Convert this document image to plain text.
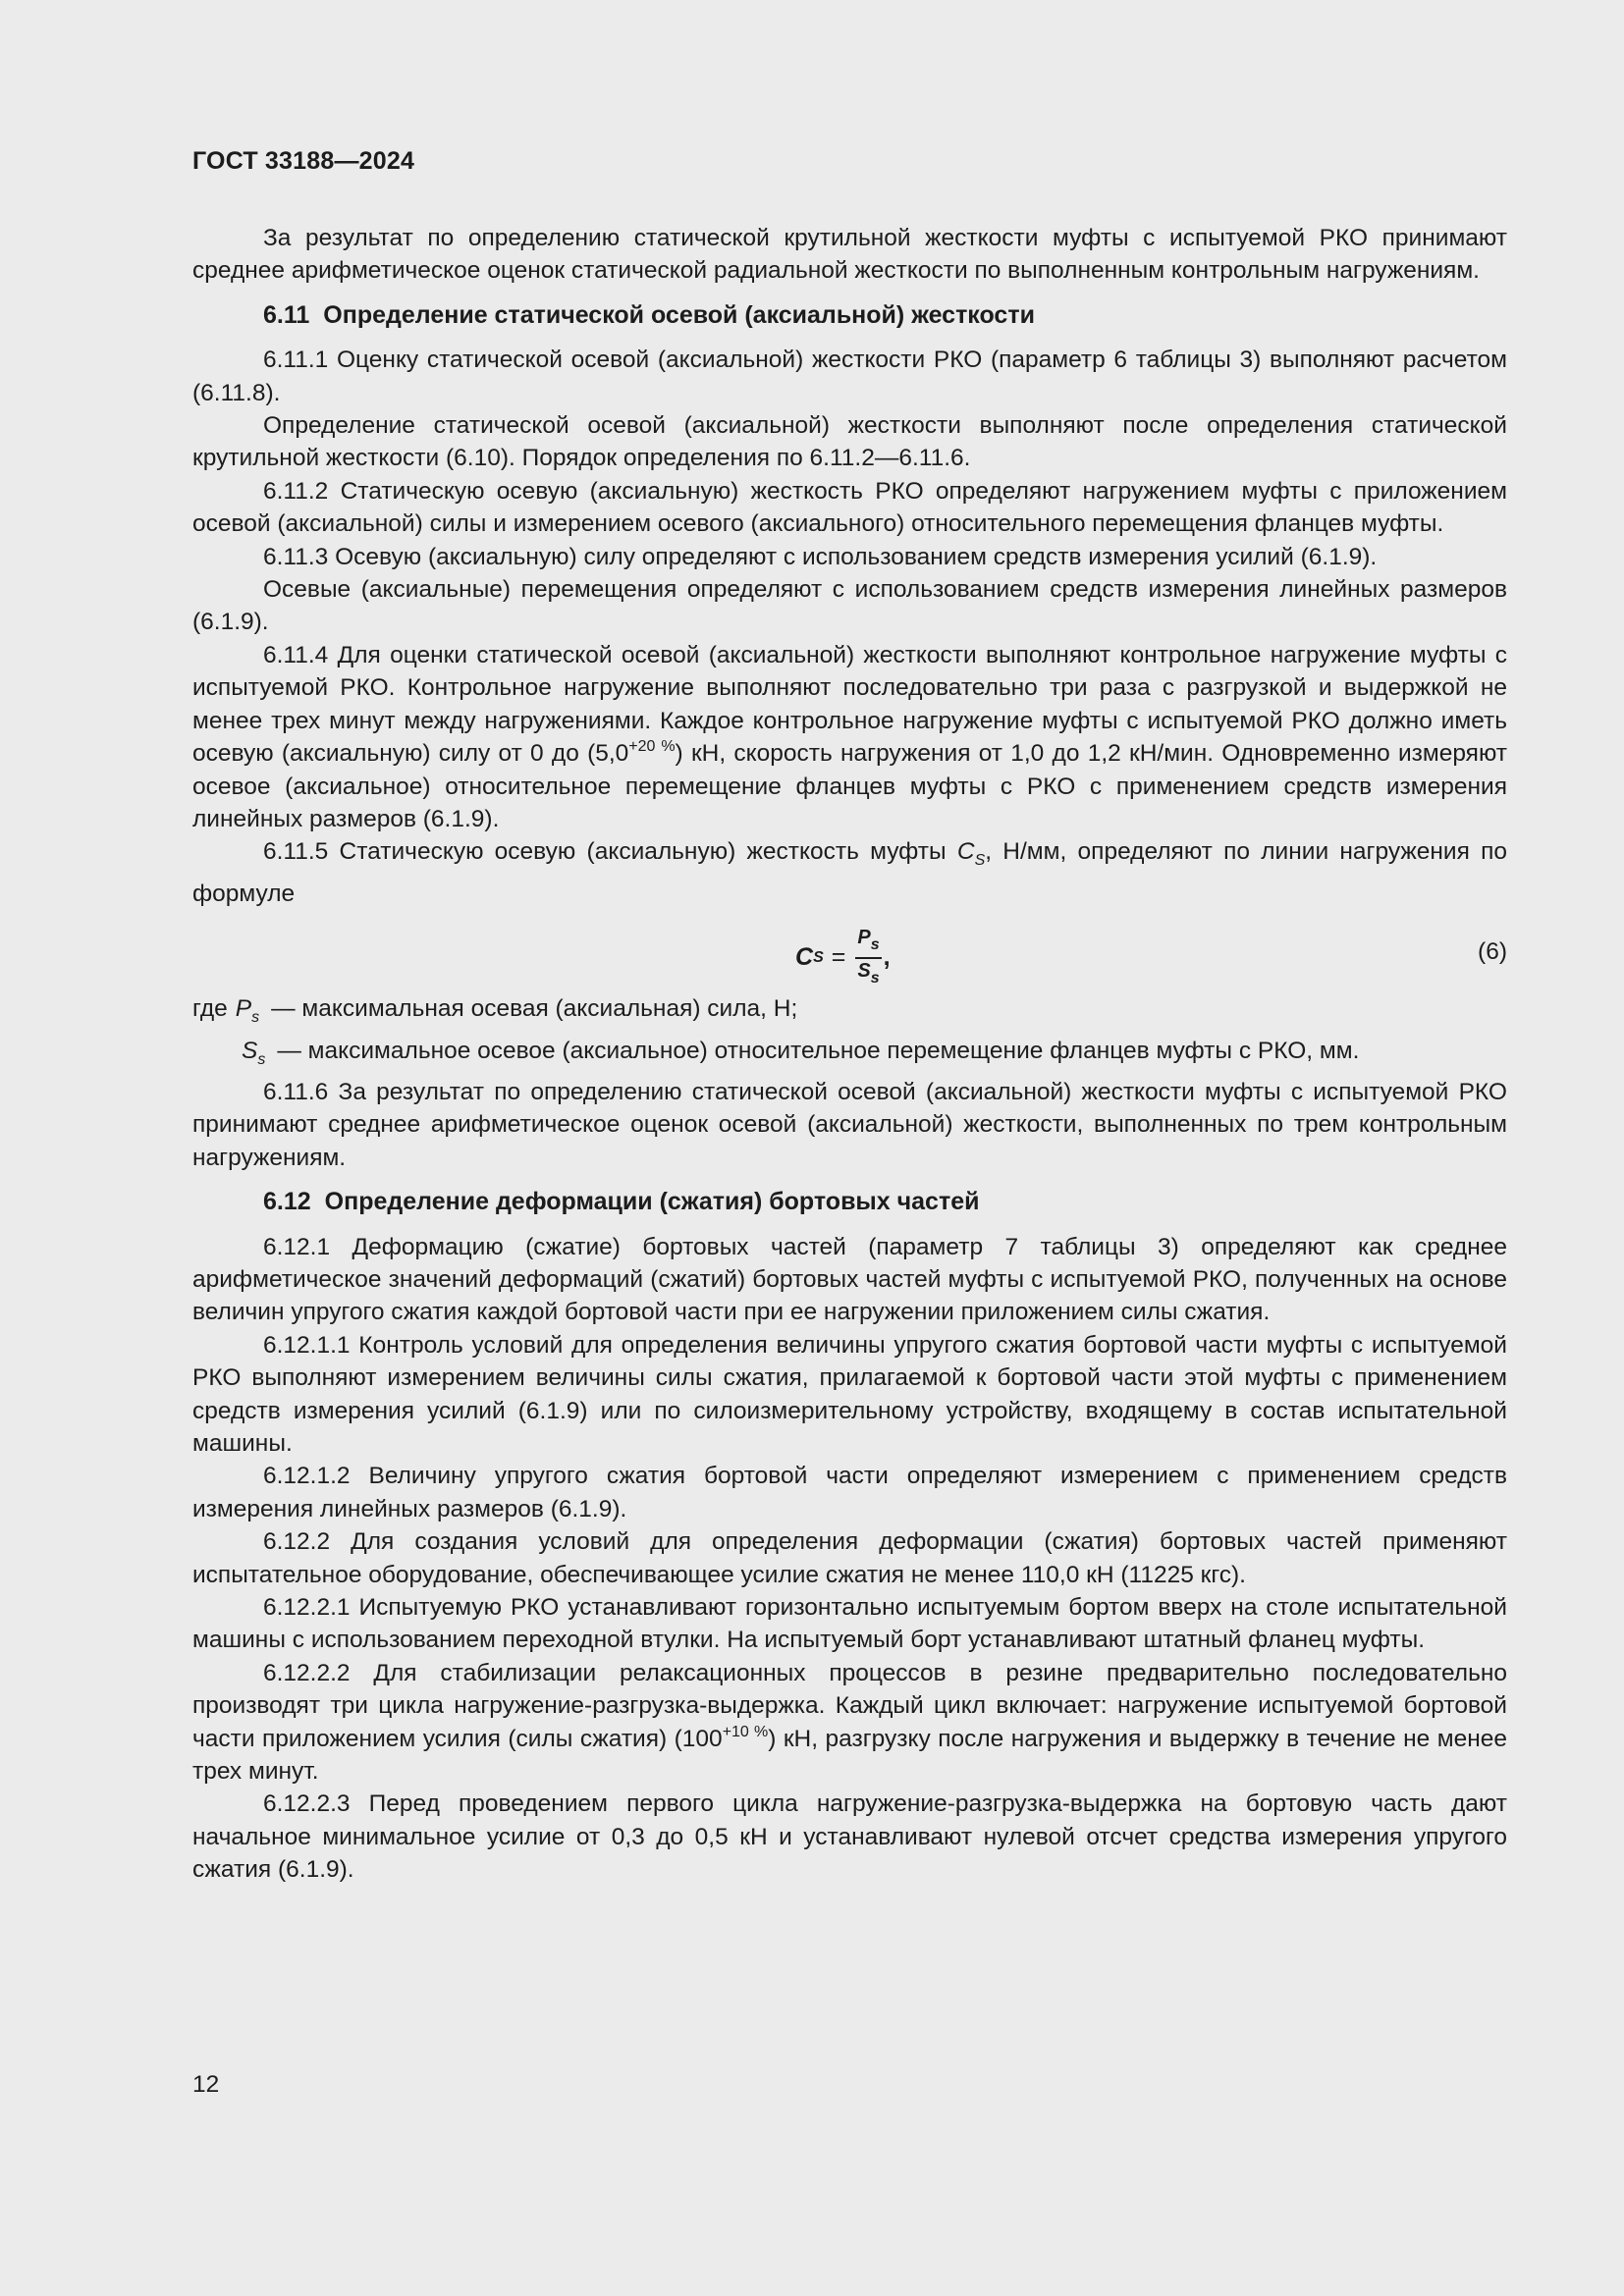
ГОСТ 33188—2024

За результат по определению статической крутильной жесткости муфты с испытуемой РКО принимают среднее арифметическое оценок статической радиальной жесткости по выполненным контрольным нагружениям.

6.11 Определение статической осевой (аксиальной) жесткости

6.11.1 Оценку статической осевой (аксиальной) жесткости РКО (параметр 6 таблицы 3) выполняют расчетом (6.11.8).

Определение статической осевой (аксиальной) жесткости выполняют после определения статической крутильной жесткости (6.10). Порядок определения по 6.11.2—6.11.6.

6.11.2 Статическую осевую (аксиальную) жесткость РКО определяют нагружением муфты с приложением осевой (аксиальной) силы и измерением осевого (аксиального) относительного перемещения фланцев муфты.

6.11.3 Осевую (аксиальную) силу определяют с использованием средств измерения усилий (6.1.9).

Осевые (аксиальные) перемещения определяют с использованием средств измерения линейных размеров (6.1.9).

6.11.4 Для оценки статической осевой (аксиальной) жесткости выполняют контрольное нагружение муфты с испытуемой РКО. Контрольное нагружение выполняют последовательно три раза с разгрузкой и выдержкой не менее трех минут между нагружениями. Каждое контрольное нагружение муфты с испытуемой РКО должно иметь осевую (аксиальную) силу от 0 до $(5,0^{+20 \%})$ кН, скорость нагружения от 1,0 до 1,2 кН/мин. Одновременно измеряют осевое (аксиальное) относительное перемещение фланцев муфты с РКО с применением средств измерения линейных размеров (6.1.9).

6.11.5 Статическую осевую (аксиальную) жесткость муфты $C_S$, Н/мм, определяют по линии нагружения по формуле

C $S = \frac{P_s}{S_s}$ ,	(6)
где $P_s$ — максимальная осевая (аксиальная) сила, Н;
$S_s$ — максимальное осевое (аксиальное) относительное перемещение фланцев муфты с РКО, мм.

6.11.6 За результат по определению статической осевой (аксиальной) жесткости муфты с испытуемой РКО принимают среднее арифметическое оценок осевой (аксиальной) жесткости, выполненных по трем контрольным нагружениям.

6.12 Определение деформации (сжатия) бортовых частей

6.12.1 Деформацию (сжатие) бортовых частей (параметр 7 таблицы 3) определяют как среднее арифметическое значений деформаций (сжатий) бортовых частей муфты с испытуемой РКО, полученных на основе величин упругого сжатия каждой бортовой части при ее нагружении приложением силы сжатия.

6.12.1.1 Контроль условий для определения величины упругого сжатия бортовой части муфты с испытуемой РКО выполняют измерением величины силы сжатия, прилагаемой к бортовой части этой муфты с применением средств измерения усилий (6.1.9) или по силоизмерительному устройству, входящему в состав испытательной машины.

6.12.1.2 Величину упругого сжатия бортовой части определяют измерением с применением средств измерения линейных размеров (6.1.9).

6.12.2 Для создания условий для определения деформации (сжатия) бортовых частей применяют испытательное оборудование, обеспечивающее усилие сжатия не менее 110,0 кН (11225 кгс).

6.12.2.1 Испытуемую РКО устанавливают горизонтально испытуемым бортом вверх на столе испытательной машины с использованием переходной втулки. На испытуемый борт устанавливают штатный фланец муфты.

6.12.2.2 Для стабилизации релаксационных процессов в резине предварительно последовательно производят три цикла нагружение-разгрузка-выдержка. Каждый цикл включает: нагружение испытуемой бортовой части приложением усилия (силы сжатия) $(100^{+10 \%})$ кН, разгрузку после нагружения и выдержку в течение не менее трех минут.

6.12.2.3 Перед проведением первого цикла нагружение-разгрузка-выдержка на бортовую часть дают начальное минимальное усилие от 0,3 до 0,5 кН и устанавливают нулевой отсчет средства измерения упругого сжатия (6.1.9).

12
